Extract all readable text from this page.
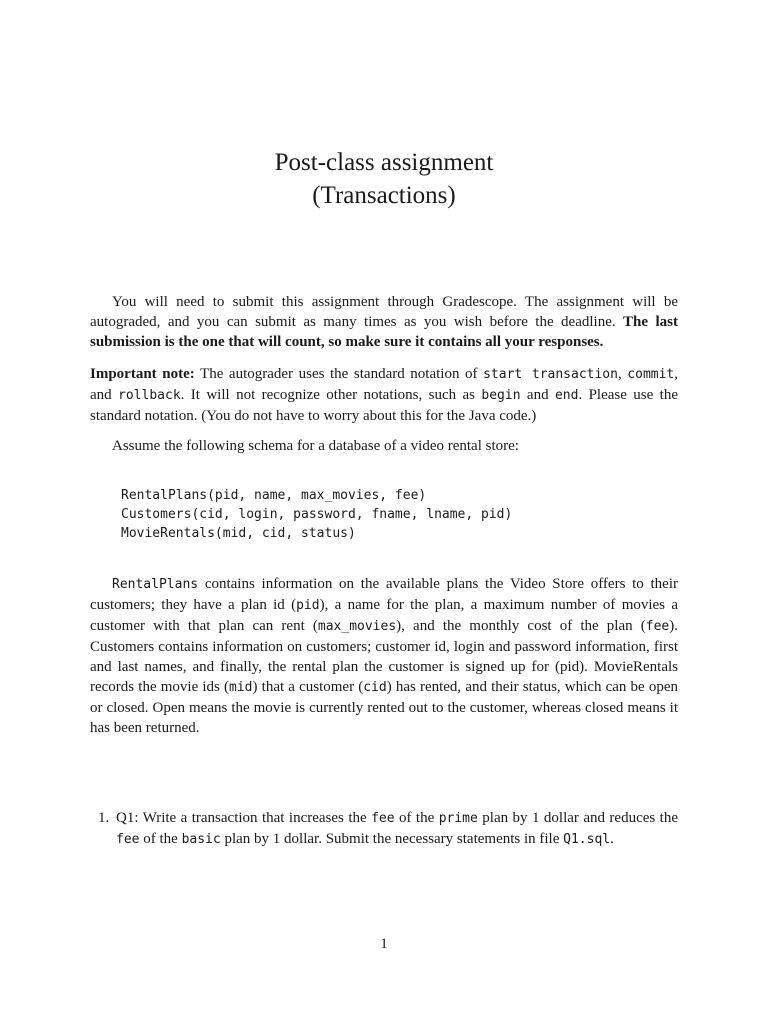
Post-class assignment
(Transactions)
You will need to submit this assignment through Gradescope. The assignment will be autograded, and you can submit as many times as you wish before the deadline. The last submission is the one that will count, so make sure it contains all your responses.
Important note: The autograder uses the standard notation of start transaction, commit, and rollback. It will not recognize other notations, such as begin and end. Please use the standard notation. (You do not have to worry about this for the Java code.)
Assume the following schema for a database of a video rental store:
RentalPlans(pid, name, max_movies, fee)
Customers(cid, login, password, fname, lname, pid)
MovieRentals(mid, cid, status)
RentalPlans contains information on the available plans the Video Store offers to their customers; they have a plan id (pid), a name for the plan, a maximum number of movies a customer with that plan can rent (max_movies), and the monthly cost of the plan (fee). Customers contains information on customers; customer id, login and password information, first and last names, and finally, the rental plan the customer is signed up for (pid). MovieRentals records the movie ids (mid) that a customer (cid) has rented, and their status, which can be open or closed. Open means the movie is currently rented out to the customer, whereas closed means it has been returned.
1. Q1: Write a transaction that increases the fee of the prime plan by 1 dollar and reduces the fee of the basic plan by 1 dollar. Submit the necessary statements in file Q1.sql.
1
